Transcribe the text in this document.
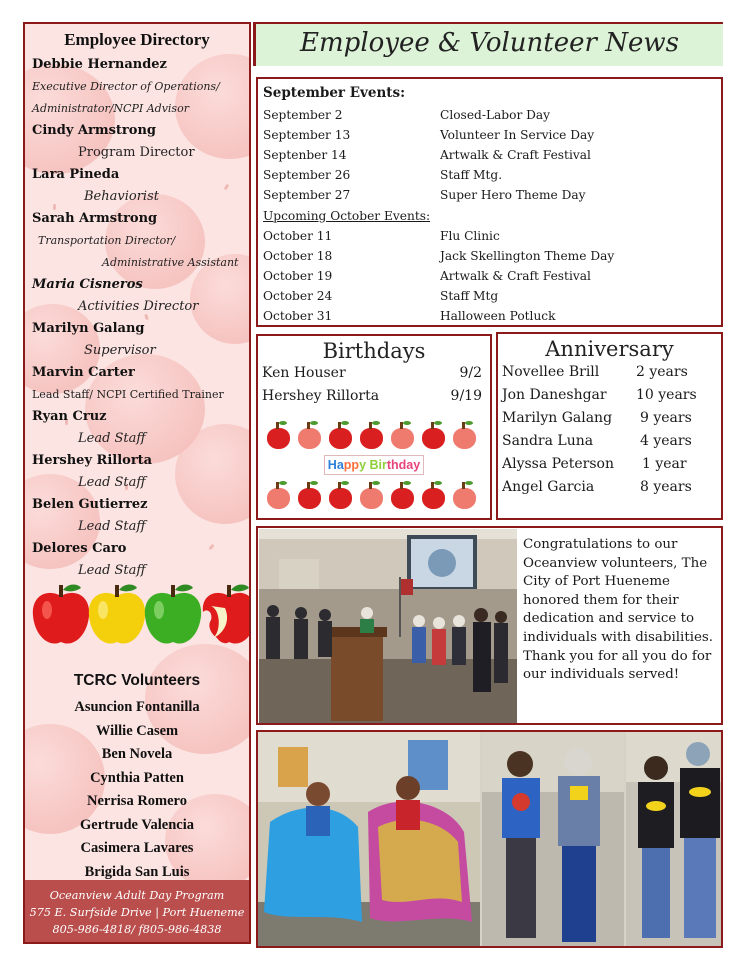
Employee Directory
Debbie Hernandez
Executive Director of Operations/
Administrator/NCPI Advisor
Cindy Armstrong
Program Director
Lara Pineda
Behaviorist
Sarah Armstrong
Transportation Director/
Administrative Assistant
Maria Cisneros
Activities Director
Marilyn Galang
Supervisor
Marvin Carter
Lead Staff/ NCPI Certified Trainer
Ryan Cruz
Lead Staff
Hershey Rillorta
Lead Staff
Belen Gutierrez
Lead Staff
Delores Caro
Lead Staff
TCRC Volunteers
Asuncion Fontanilla
Willie Casem
Ben Novela
Cynthia Patten
Nerrisa Romero
Gertrude Valencia
Casimera Lavares
Brigida San Luis
Oceanview Adult Day Program
575 E. Surfside Drive | Port Hueneme
805-986-4818/ f805-986-4838
Employee & Volunteer News
September Events:
September 2	Closed-Labor Day
September 13	Volunteer In Service Day
Septenber 14	Artwalk & Craft Festival
September 26	Staff Mtg.
September 27	Super Hero Theme Day
Upcoming October Events:
October 11	Flu Clinic
October 18	Jack Skellington Theme Day
October 19	Artwalk & Craft Festival
October 24	Staff Mtg
October 31	Halloween Potluck
Birthdays
Ken Houser	9/2
Hershey Rillorta	9/19
Happy Birthday
Anniversary
Novellee Brill	2 years
Jon Daneshgar 10 years
Marilyn Galang 9 years
Sandra Luna	4 years
Alyssa Peterson 1 year
Angel Garcia	8 years
Congratulations to our Oceanview volunteers, The City of Port Hueneme honored them for their dedication and service to individuals with disabilities. Thank you for all you do for our individuals served!
